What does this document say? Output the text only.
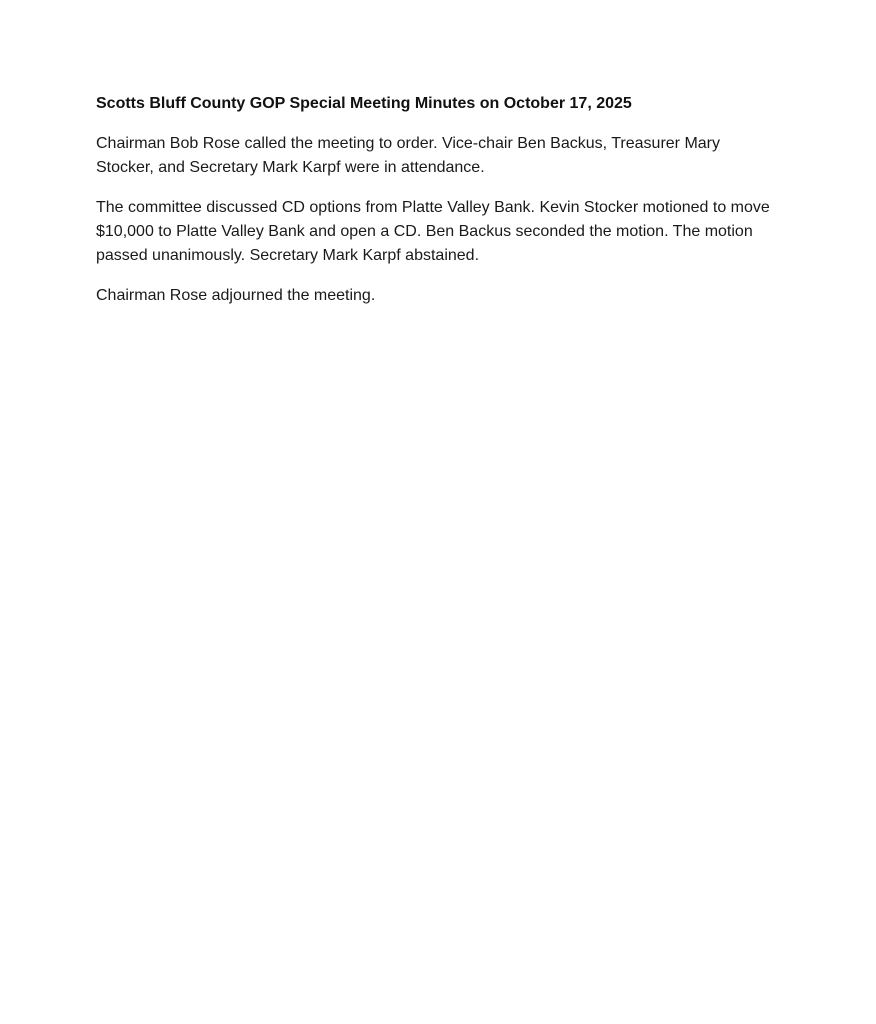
Scotts Bluff County GOP Special Meeting Minutes on October 17, 2025

Chairman Bob Rose called the meeting to order. Vice-chair Ben Backus, Treasurer Mary Stocker, and Secretary Mark Karpf were in attendance.

The committee discussed CD options from Platte Valley Bank. Kevin Stocker motioned to move $10,000 to Platte Valley Bank and open a CD. Ben Backus seconded the motion. The motion passed unanimously. Secretary Mark Karpf abstained.

Chairman Rose adjourned the meeting.
